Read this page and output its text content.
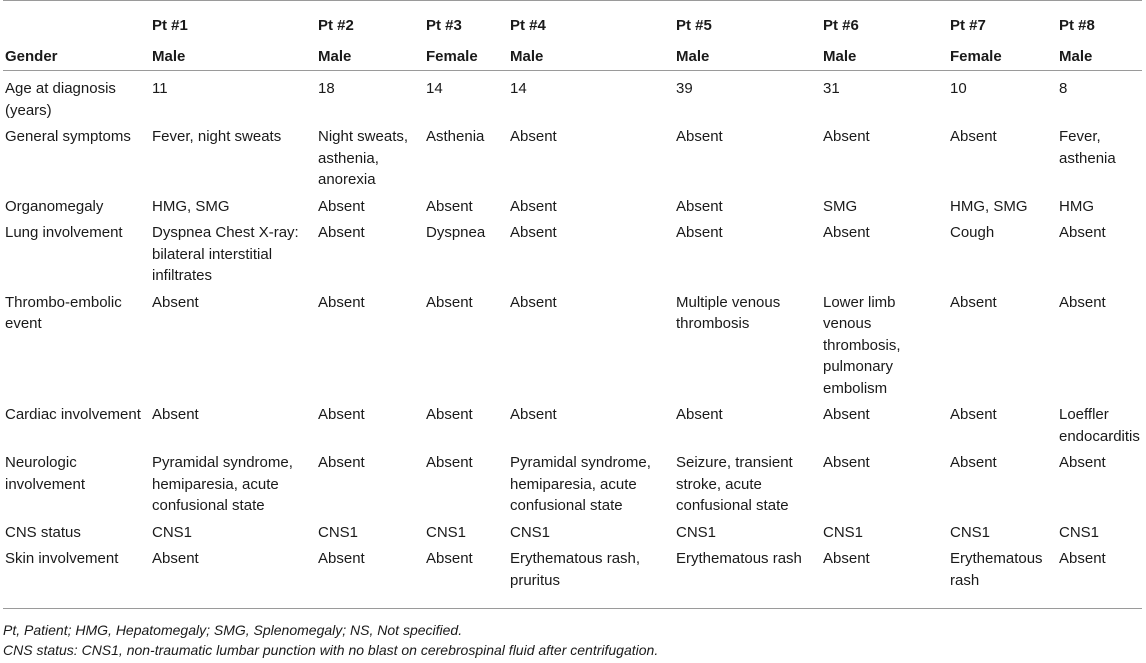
	Pt #1	Pt #2	Pt #3	Pt #4	Pt #5	Pt #6	Pt #7	Pt #8
Gender	Male	Male	Female	Male	Male	Male	Female	Male
Age at diagnosis (years)	11	18	14	14	39	31	10	8
General symptoms	Fever, night sweats	Night sweats, asthenia, anorexia	Asthenia	Absent	Absent	Absent	Absent	Fever, asthenia
Organomegaly	HMG, SMG	Absent	Absent	Absent	Absent	SMG	HMG, SMG	HMG
Lung involvement	Dyspnea Chest X-ray: bilateral interstitial infiltrates	Absent	Dyspnea	Absent	Absent	Absent	Cough	Absent
Thrombo-embolic event	Absent	Absent	Absent	Absent	Multiple venous thrombosis	Lower limb venous thrombosis, pulmonary embolism	Absent	Absent
Cardiac involvement	Absent	Absent	Absent	Absent	Absent	Absent	Absent	Loeffler endocarditis
Neurologic involvement	Pyramidal syndrome, hemiparesia, acute confusional state	Absent	Absent	Pyramidal syndrome, hemiparesia, acute confusional state	Seizure, transient stroke, acute confusional state	Absent	Absent	Absent
CNS status	CNS1	CNS1	CNS1	CNS1	CNS1	CNS1	CNS1	CNS1
Skin involvement	Absent	Absent	Absent	Erythematous rash, pruritus	Erythematous rash	Absent	Erythematous rash	Absent
Pt, Patient; HMG, Hepatomegaly; SMG, Splenomegaly; NS, Not specified.
CNS status: CNS1, non-traumatic lumbar punction with no blast on cerebrospinal fluid after centrifugation.
